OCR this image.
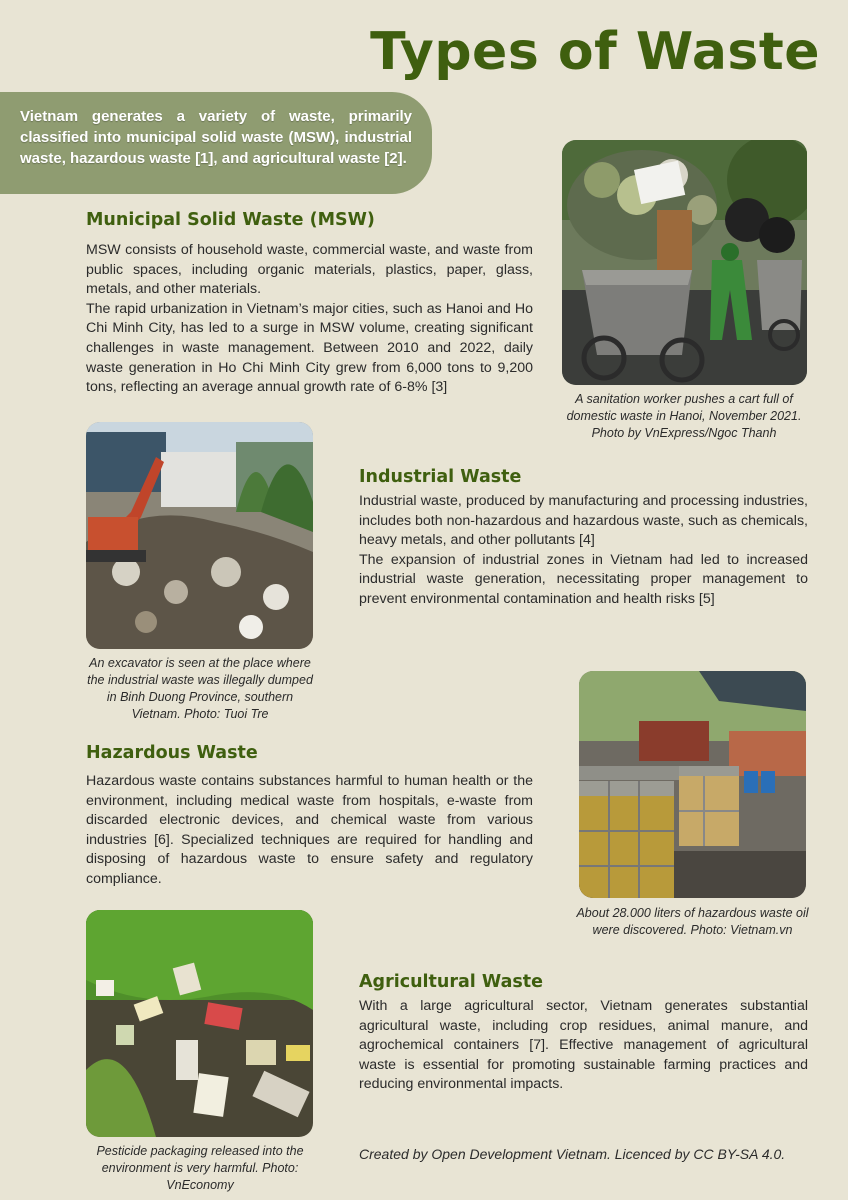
Types of Waste
Vietnam generates a variety of waste, primarily classified into municipal solid waste (MSW), industrial waste, hazardous waste [1], and agricultural waste [2].
Municipal Solid Waste (MSW)

MSW consists of household waste, commercial waste, and waste from public spaces, including organic materials, plastics, paper, glass, metals, and other materials.

The rapid urbanization in Vietnam’s major cities, such as Hanoi and Ho Chi Minh City, has led to a surge in MSW volume, creating significant challenges in waste management. Between 2010 and 2022, daily waste generation in Ho Chi Minh City grew from 6,000 tons to 9,200 tons, reflecting an average annual growth rate of 6-8% [3]

A sanitation worker pushes a cart full of domestic waste in Hanoi, November 2021. Photo by VnExpress/Ngoc Thanh
An excavator is seen at the place where the industrial waste was illegally dumped in Binh Duong Province, southern Vietnam. Photo: Tuoi Tre
Industrial Waste

Industrial waste, produced by manufacturing and processing industries, includes both non-hazardous and hazardous waste, such as chemicals, heavy metals, and other pollutants [4]

The expansion of industrial zones in Vietnam had led to increased industrial waste generation, necessitating proper management to prevent environmental contamination and health risks [5]

Hazardous Waste

Hazardous waste contains substances harmful to human health or the environment, including medical waste from hospitals, e-waste from discarded electronic devices, and chemical waste from various industries [6]. Specialized techniques are required for handling and disposing of hazardous waste to ensure safety and regulatory compliance.

About 28.000 liters of hazardous waste oil were discovered. Photo: Vietnam.vn
Pesticide packaging released into the environment is very harmful. Photo: VnEconomy
Agricultural Waste

With a large agricultural sector, Vietnam generates substantial agricultural waste, including crop residues, animal manure, and agrochemical containers [7]. Effective management of agricultural waste is essential for promoting sustainable farming practices and reducing environmental impacts.

Created by Open Development Vietnam. Licenced by CC BY-SA 4.0.
